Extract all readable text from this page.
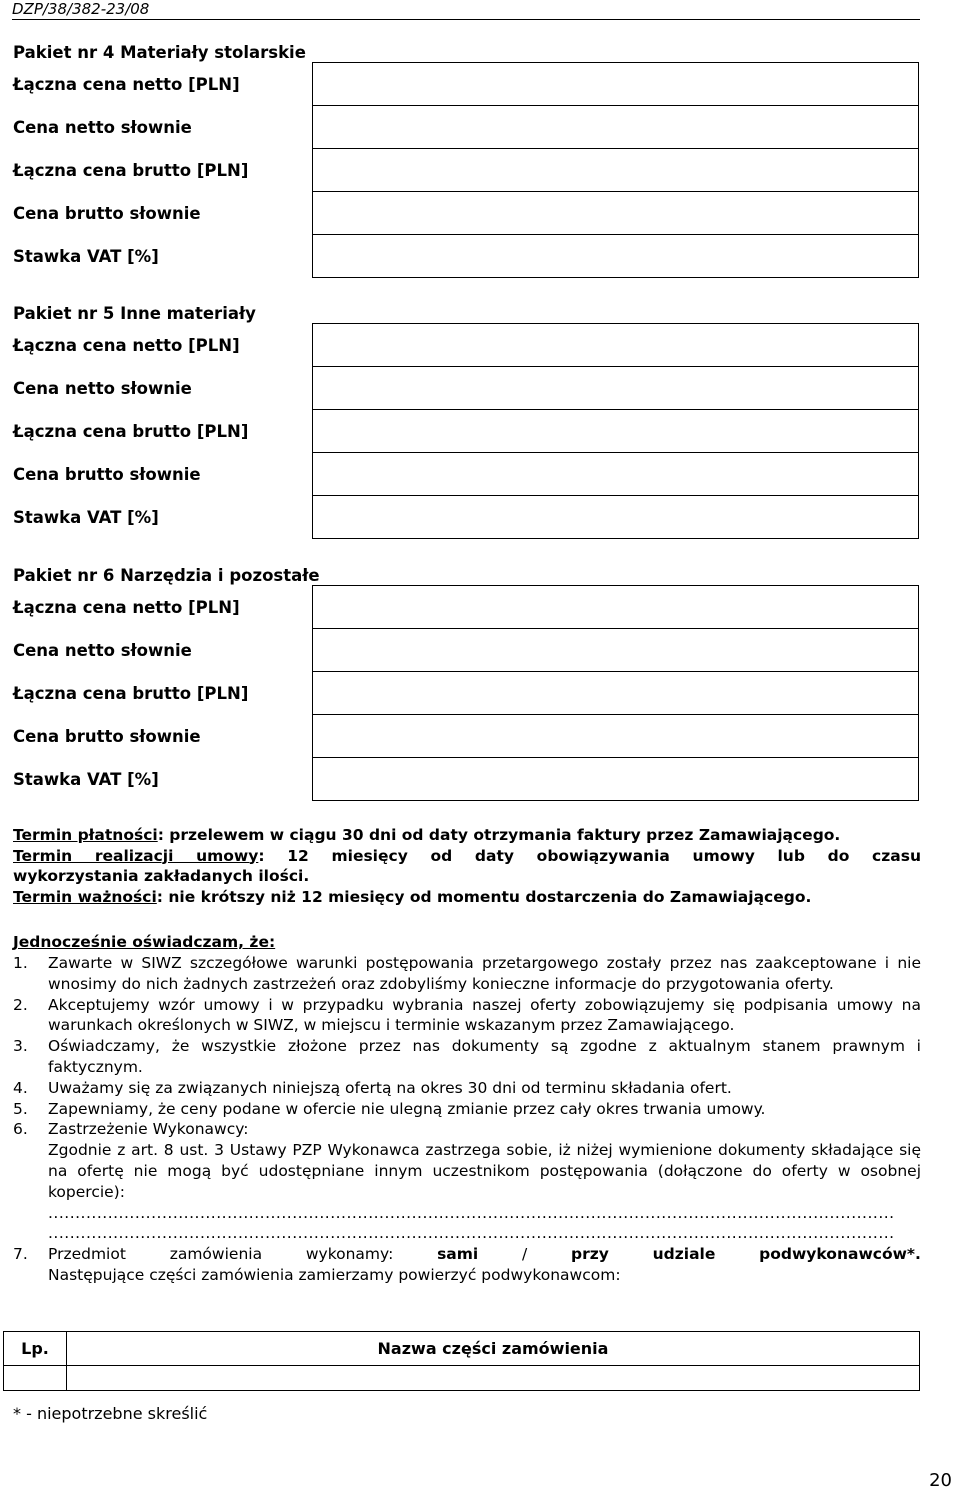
DZP/38/382-23/08
Pakiet nr 4 Materiały stolarskie
Łączna cena netto [PLN]	
Cena netto słownie	
Łączna cena brutto [PLN]	
Cena brutto słownie	
Stawka VAT [%]	
Pakiet nr 5 Inne materiały
Łączna cena netto [PLN]	
Cena netto słownie	
Łączna cena brutto [PLN]	
Cena brutto słownie	
Stawka VAT [%]	
Pakiet nr 6 Narzędzia i pozostałe
Łączna cena netto [PLN]	
Cena netto słownie	
Łączna cena brutto [PLN]	
Cena brutto słownie	
Stawka VAT [%]	

Termin płatności: przelewem w ciągu 30 dni od daty otrzymania faktury przez Zamawiającego.

Termin realizacji umowy: 12 miesięcy od daty obowiązywania umowy lub do czasu

wykorzystania zakładanych ilości.

Termin ważności: nie krótszy niż 12 miesięcy od momentu dostarczenia do Zamawiającego.

Jednocześnie oświadczam, że:
1. Zawarte w SIWZ szczegółowe warunki postępowania przetargowego zostały przez nas zaakceptowane i nie wnosimy do nich żadnych zastrzeżeń oraz zdobyliśmy konieczne informacje do przygotowania oferty.
2. Akceptujemy wzór umowy i w przypadku wybrania naszej oferty zobowiązujemy się podpisania umowy na warunkach określonych w SIWZ, w miejscu i terminie wskazanym przez Zamawiającego.
3. Oświadczamy, że wszystkie złożone przez nas dokumenty są zgodne z aktualnym stanem prawnym i faktycznym.
4. Uważamy się za związanych niniejszą ofertą na okres 30 dni od terminu składania ofert.
5. Zapewniamy, że ceny podane w ofercie nie ulegną zmianie przez cały okres trwania umowy.
6. Zastrzeżenie Wykonawcy:
Zgodnie z art. 8 ust. 3 Ustawy PZP Wykonawca zastrzega sobie, iż niżej wymienione dokumenty składające się na ofertę nie mogą być udostępniane innym uczestnikom postępowania (dołączone do oferty w osobnej kopercie):
............................................................................................................................................................
............................................................................................................................................................
7. Przedmiot	zamówienia	wykonamy:	sami	/	przy	udziale	podwykonawców*.
Następujące części zamówienia zamierzamy powierzyć podwykonawcom:
Lp.	Nazwa części zamówienia

* - niepotrzebne skreślić
20
